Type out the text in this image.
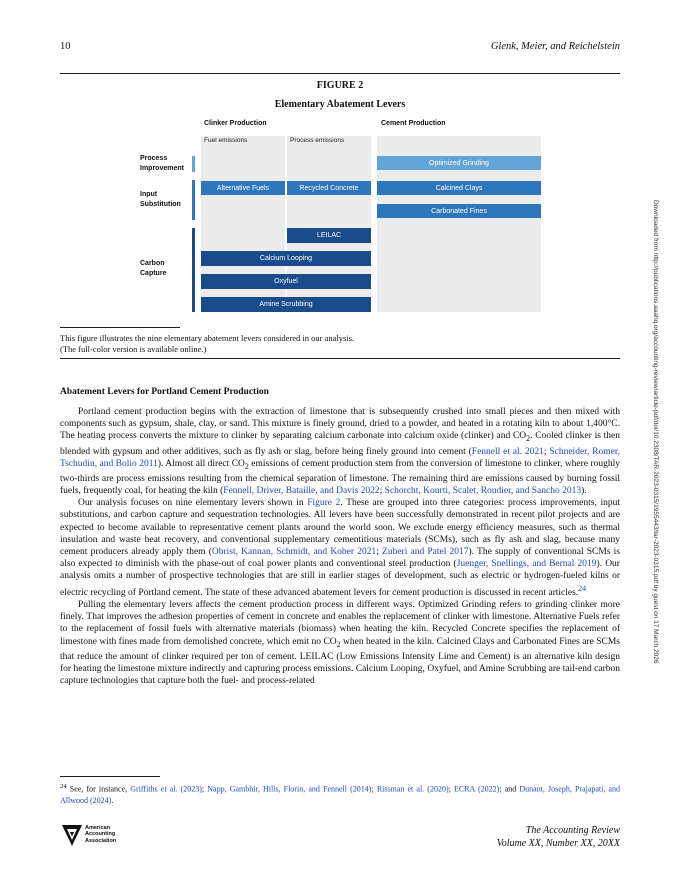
10	Glenk, Meier, and Reichelstein
FIGURE 2
Elementary Abatement Levers
Clinker Production	Cement Production
Fuel emissions	Process emissions
Process
Improvement
Input
Substitution
Carbon
Capture
Optimized Grinding
Alternative Fuels	Recycled Concrete	Calcined Clays
Carbonated Fines
LEILAC
Calcium Looping
Oxyfuel
Amine Scrubbing
This figure illustrates the nine elementary abatement levers considered in our analysis.
(The full-color version is available online.)
Abatement Levers for Portland Cement Production

Portland cement production begins with the extraction of limestone that is subsequently crushed into small pieces and then mixed with components such as gypsum, shale, clay, or sand. This mixture is finely ground, dried to a powder, and heated in a rotating kiln to about 1,400°C. The heating process converts the mixture to clinker by separating calcium carbonate into calcium oxide (clinker) and $CO_2$. Cooled clinker is then blended with gypsum and other additives, such as fly ash or slag, before being finely ground into cement (Fennell et al. 2021; Schneider, Romer, Tschudin, and Bolio 2011). Almost all direct $CO_2$ emissions of cement production stem from the conversion of limestone to clinker, where roughly two-thirds are process emissions resulting from the chemical separation of limestone. The remaining third are emissions caused by burning fossil fuels, frequently coal, for heating the kiln (Fennell, Driver, Bataille, and Davis 2022; Schorcht, Kourti, Scalet, Roudier, and Sancho 2013).

Our analysis focuses on nine elementary levers shown in Figure 2. These are grouped into three categories: process improvements, input substitutions, and carbon capture and sequestration technologies. All levers have been successfully demonstrated in recent pilot projects and are expected to become available to representative cement plants around the world soon. We exclude energy efficiency measures, such as thermal insulation and waste heat recovery, and conventional supplementary cementitious materials (SCMs), such as fly ash and slag, because many cement producers already apply them (Obrist, Kannan, Schmidt, and Kober 2021; Zuberi and Patel 2017). The supply of conventional SCMs is also expected to diminish with the phase-out of coal power plants and conventional steel production (Juenger, Snellings, and Bernal 2019). Our analysis omits a number of prospective technologies that are still in earlier stages of development, such as electric or hydrogen-fueled kilns or electric recycling of Portland cement. The state of these advanced abatement levers for cement production is discussed in recent articles.$^{24}$

Pulling the elementary levers affects the cement production process in different ways. Optimized Grinding refers to grinding clinker more finely. That improves the adhesion properties of cement in concrete and enables the replacement of clinker with limestone. Alternative Fuels refer to the replacement of fossil fuels with alternative materials (biomass) when heating the kiln. Recycled Concrete specifies the replacement of limestone with fines made from demolished concrete, which emit no $CO_2$ when heated in the kiln. Calcined Clays and Carbonated Fines are SCMs that reduce the amount of clinker required per ton of cement. LEILAC (Low Emissions Intensity Lime and Cement) is an alternative kiln design for heating the limestone mixture indirectly and capturing process emissions. Calcium Looping, Oxyfuel, and Amine Scrubbing are tail-end carbon capture technologies that capture both the fuel- and process-related

$^{24}$ See, for instance, Griffiths et al. (2023); Napp, Gambhir, Hills, Florin, and Fennell (2014); Rissman et al. (2020); ECRA (2022); and Dunant, Joseph, Prajapati, and Allwood (2024).
Downloaded from http://publications.aaahq.org/accounting-review/article-pdf/doi/10.2308/TAR-2023-0315/1955443/tar-2023-0315.pdf by guest on 17 March 2026
American
Accounting
Association
The Accounting Review
Volume XX, Number XX, 20XX
